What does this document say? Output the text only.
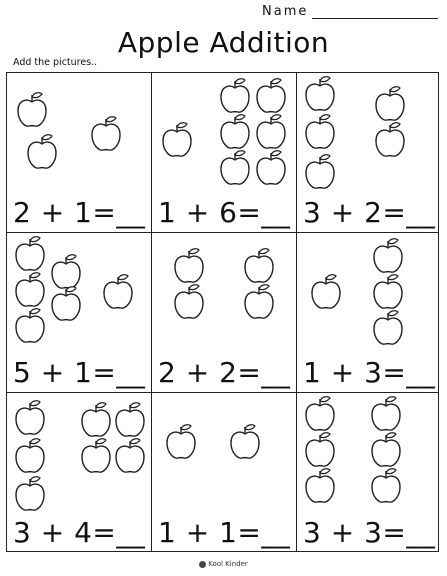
Name
Apple Addition
Add the pictures..
2 + 1=__ 1 + 6=__ 3 + 2=__
5 + 1=__ 2 + 2=__ 1 + 3=__
3 + 4=__ 1 + 1=__ 3 + 3=__
Kool Kinder
